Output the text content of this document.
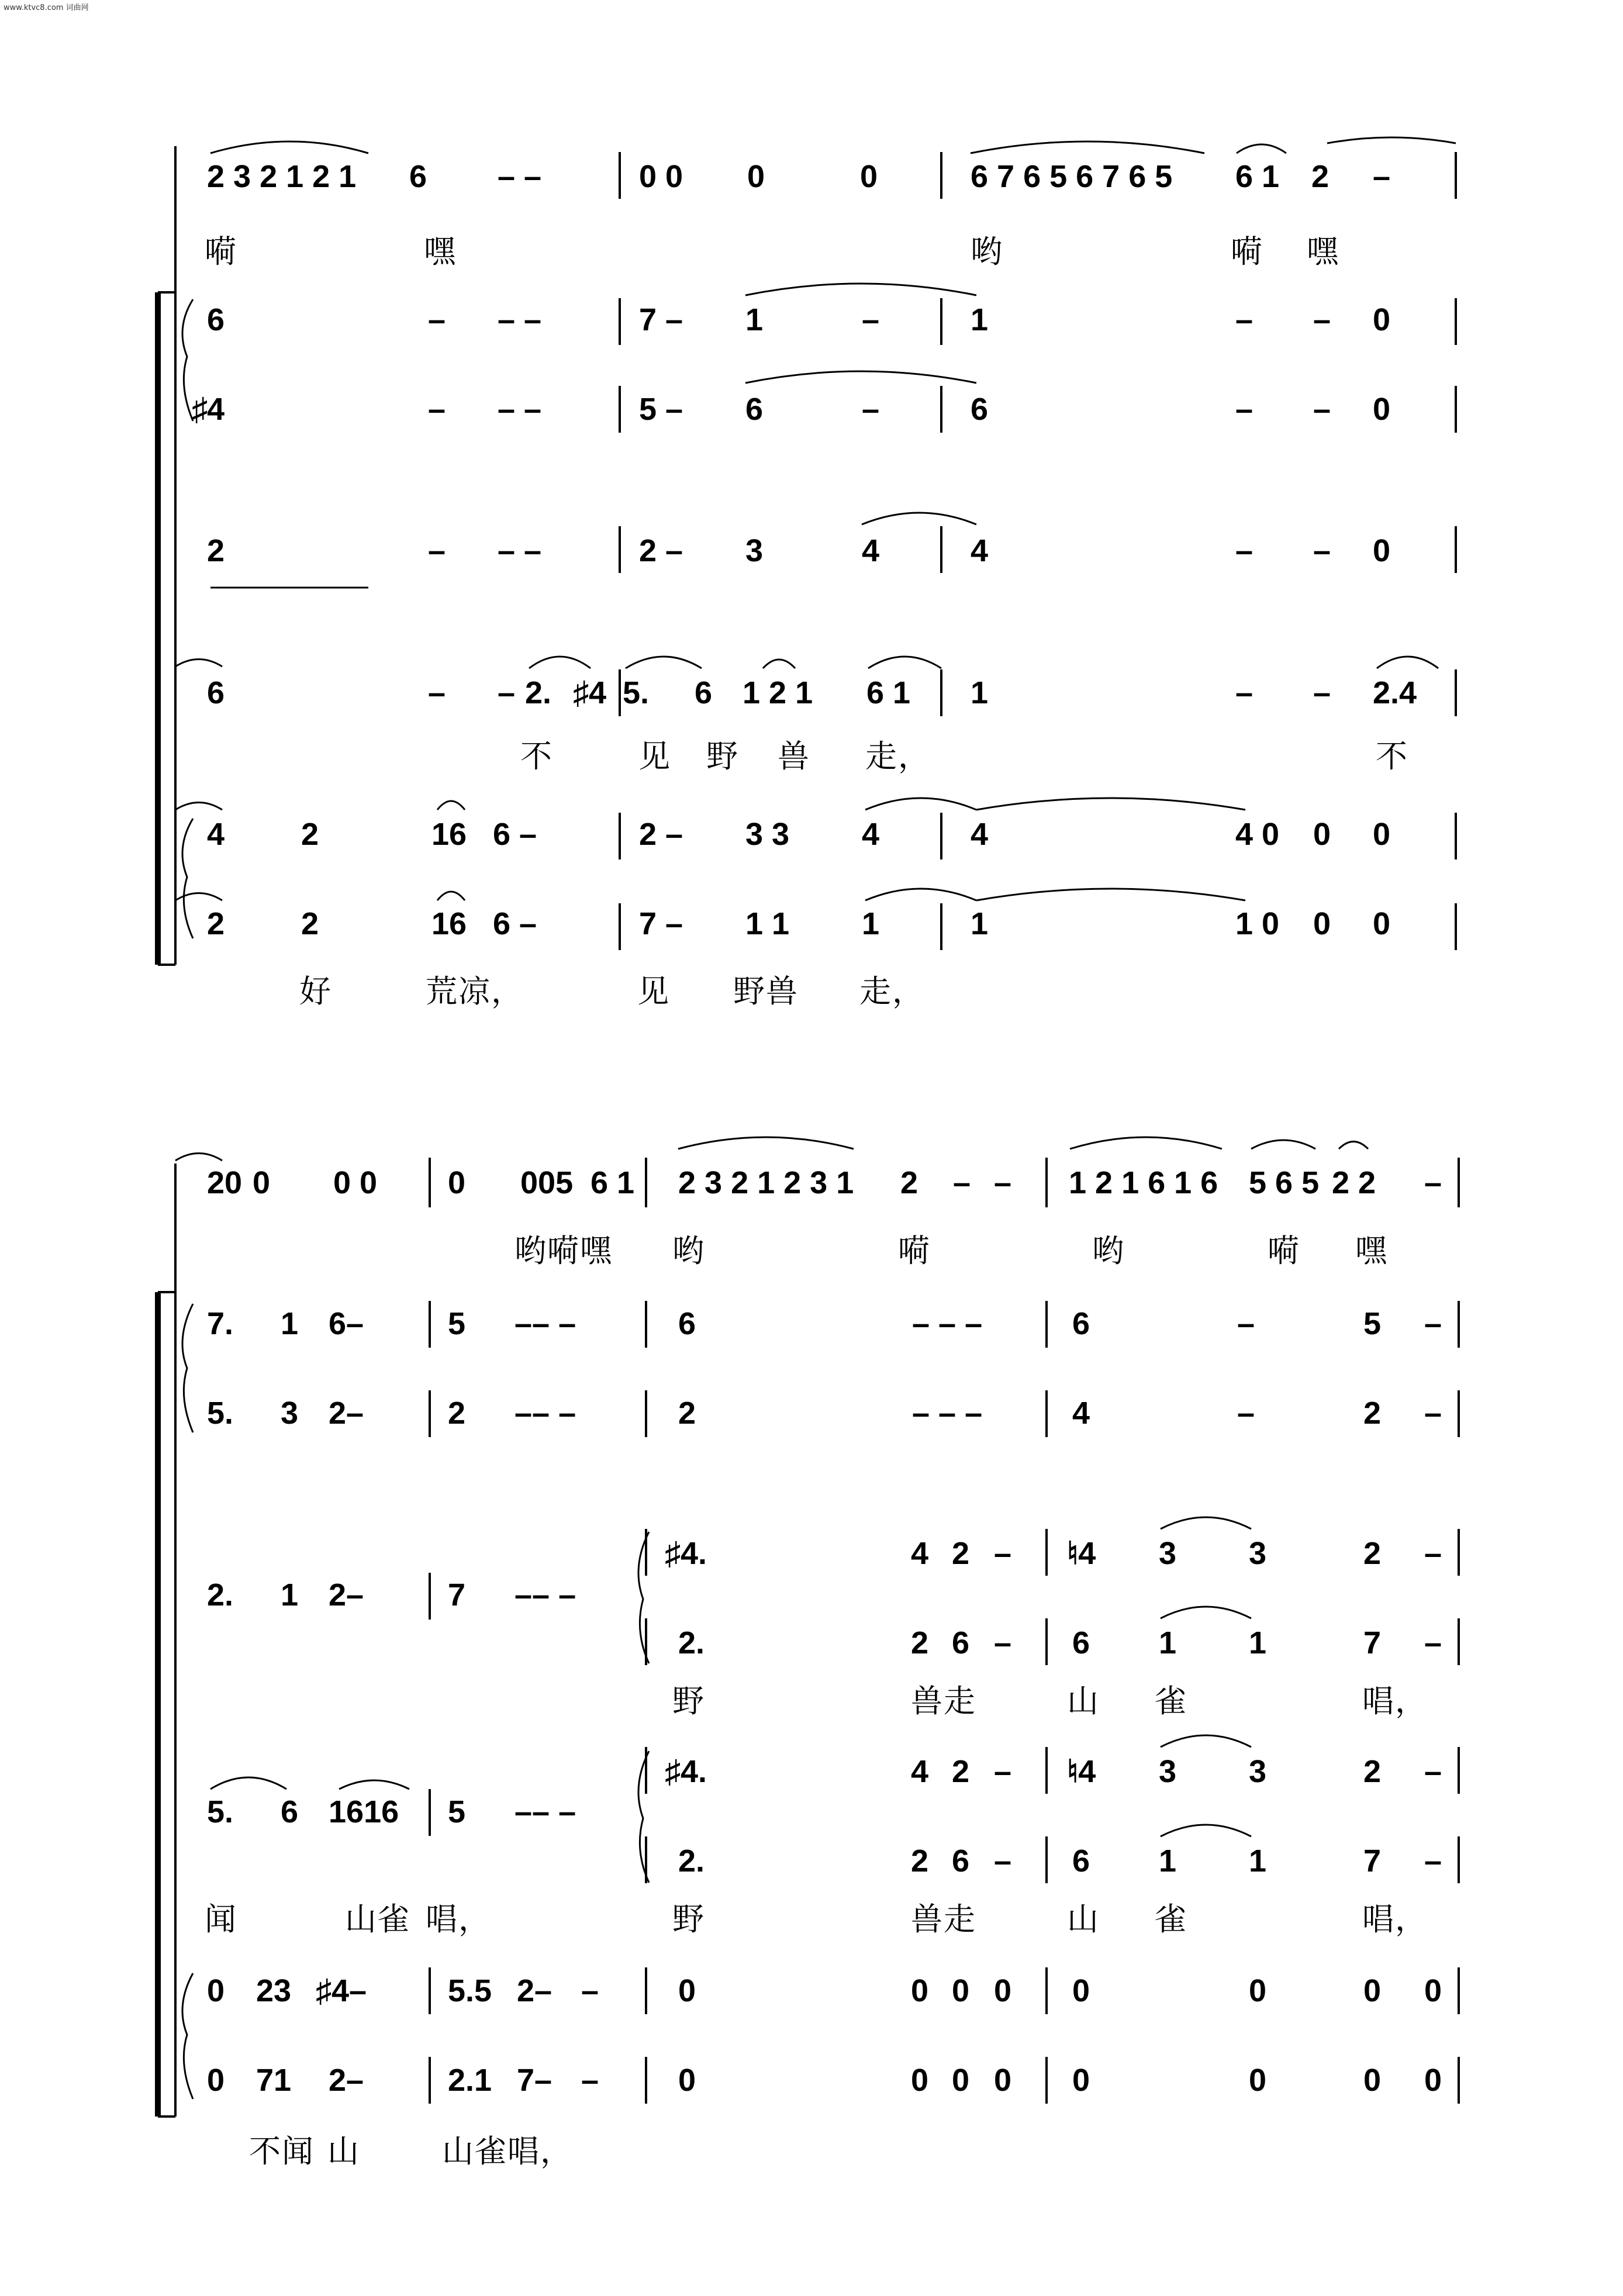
www.ktvc8.com 词曲网
2 3 2 1 2 1 6 – –	0 0 0	0	6 7 6 5 6 7 6 5 6 1 2 –
6	– – –	7 – 1	–	1	– – 0
♯ 4	– – –	5 – 6	–	6	– – 0
2	– – –	2 – 3	4	4	– – 0
6	– – 2. ♯4 5. 6 1 2 1 6 1 1	– – 2.4
4 2	16 6 –	2 – 3 3 4	4	4 0 0 0
2 2	16 6 –	7 – 1 1 1	1	1 0 0 0
嗬	嘿	哟	嗬 嘿
不	见 野 兽 走，	不
好	荒凉，	见 野兽 走，
20 0 0 0 0 005 6 1 2 3 2 1 2 3 1 2 – – 1 2 1 6 1 6 5 6 5 2 2 –
7. 1 6–	5 –– –	6	– – –	6	–	5 –
5. 3 2–	2 –– –	2	– – –	4	–	2 –
2. 1 2–	7 –– –
♯4.	4 2 – ♮4 3 3	2 –
2.	2 6 – 6 1 1	7 –
5. 6 1616 5 –– –
♯4.	4 2 – ♮4 3 3	2 –
2.	2 6 – 6 1 1	7 –
0 23 ♯4–	5.5 2– –	0	0 0 0 0	0	0 0
0 71 2–	2.1 7– –	0	0 0 0 0	0	0 0
哟嗬嘿 哟	嗬	哟	嗬 嘿
野	兽走	山 雀	唱，
闻	山雀 唱，	野	兽走	山 雀	唱，
不闻 山	山雀唱，
